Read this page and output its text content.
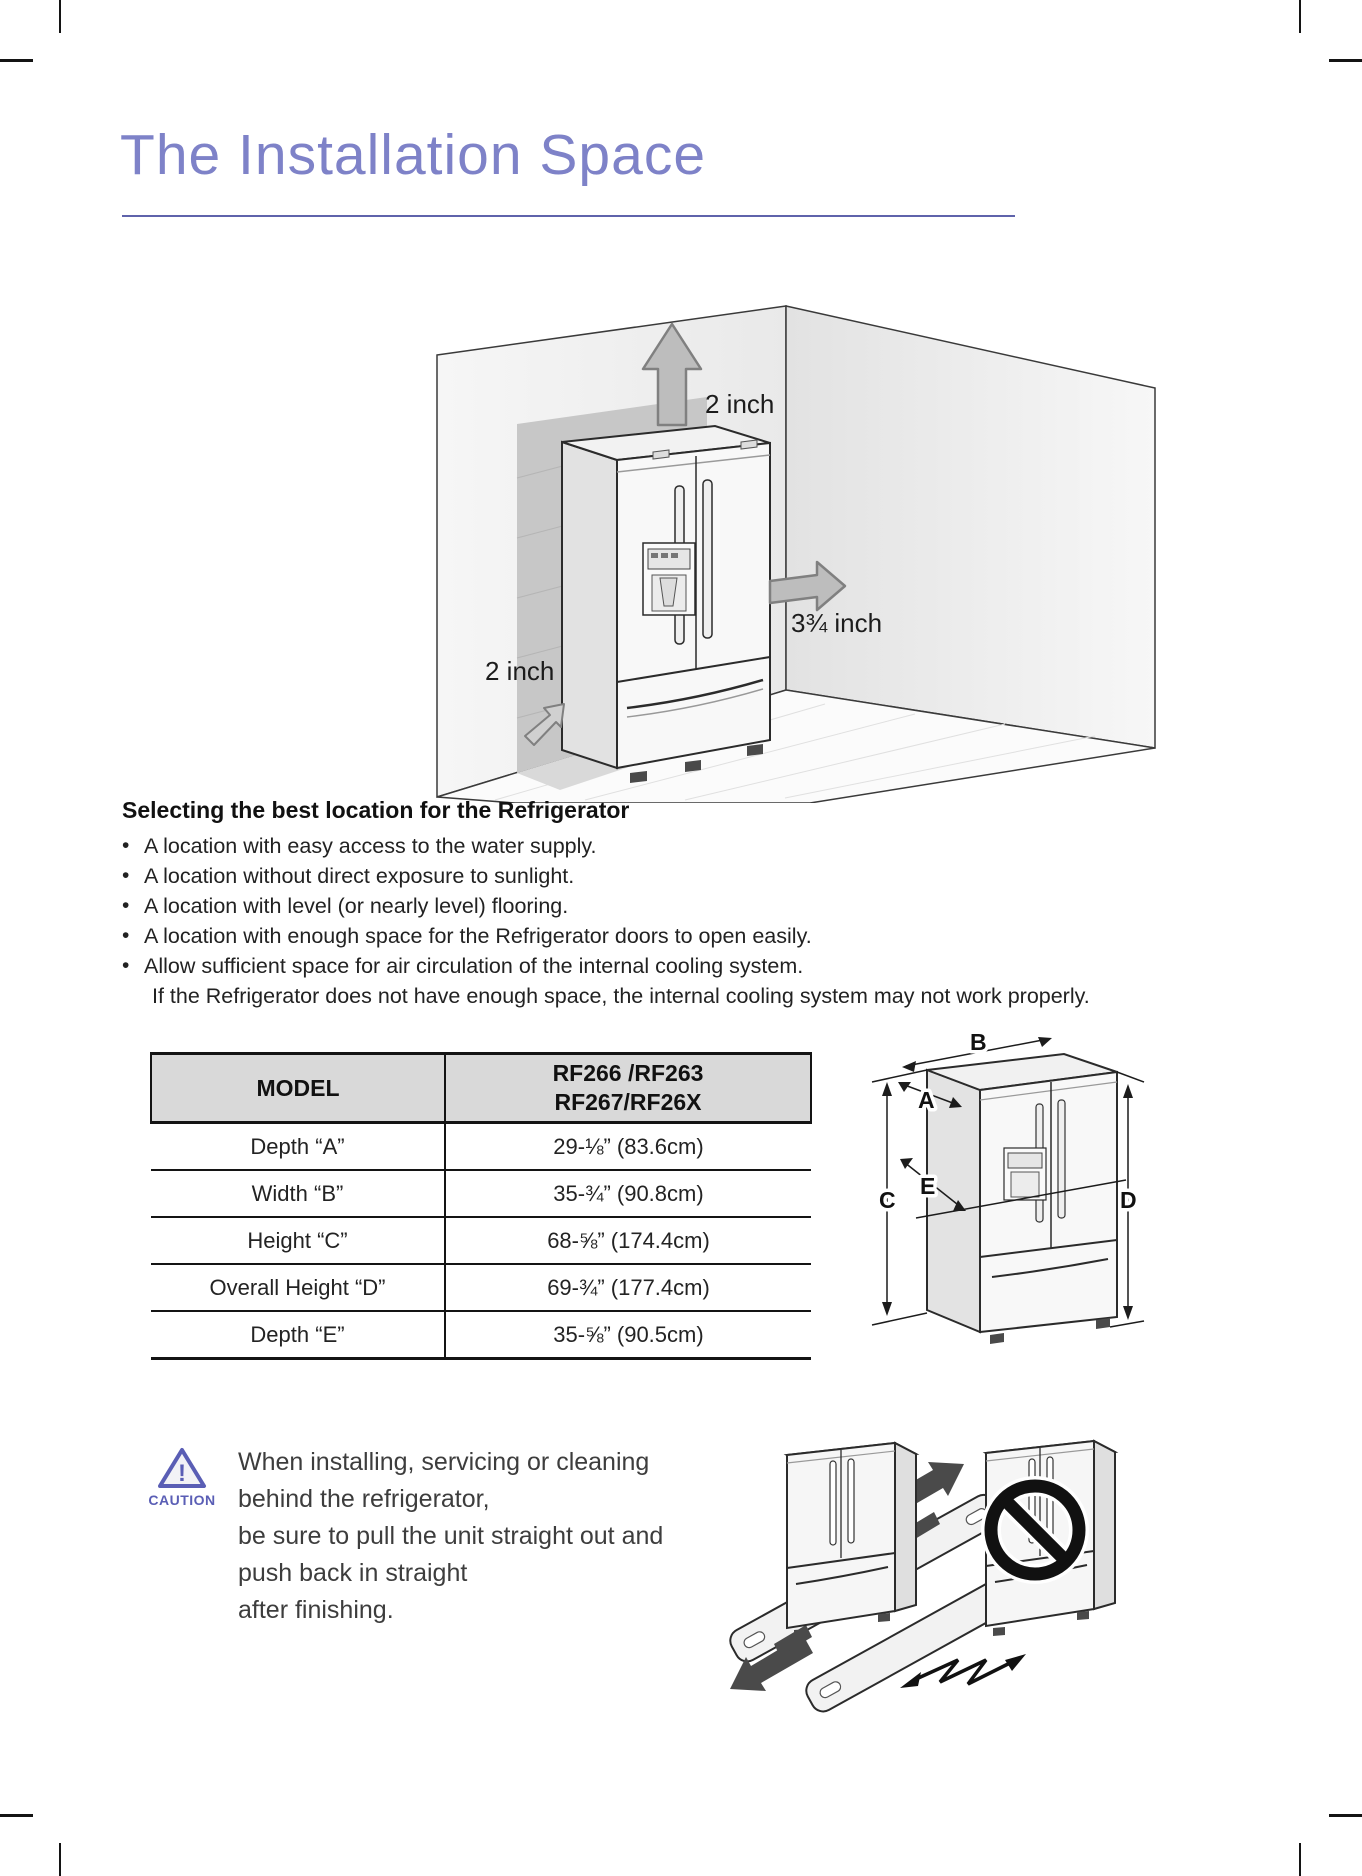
The Installation Space
2 inch
3¾ inch
2 inch
Selecting the best location for the Refrigerator
• A location with easy access to the water supply.
• A location without direct exposure to sunlight.
• A location with level (or nearly level) flooring.
• A location with enough space for the Refrigerator doors to open easily.
• Allow sufficient space for air circulation of the internal cooling system.
If the Refrigerator does not have enough space, the internal cooling system may not work properly.
MODEL	RF266 /RF263
RF267/RF26X

Depth “A”	29-⅛” (83.6cm)
Width “B”	35-¾” (90.8cm)
Height “C”	68-⅝” (174.4cm)
Overall Height “D”	69-¾” (177.4cm)
Depth “E”	35-⅝” (90.5cm)
B
A
C	D
E
!
CAUTION
When installing, servicing or cleaning
behind the refrigerator,
be sure to pull the unit straight out and
push back in straight
after finishing.
